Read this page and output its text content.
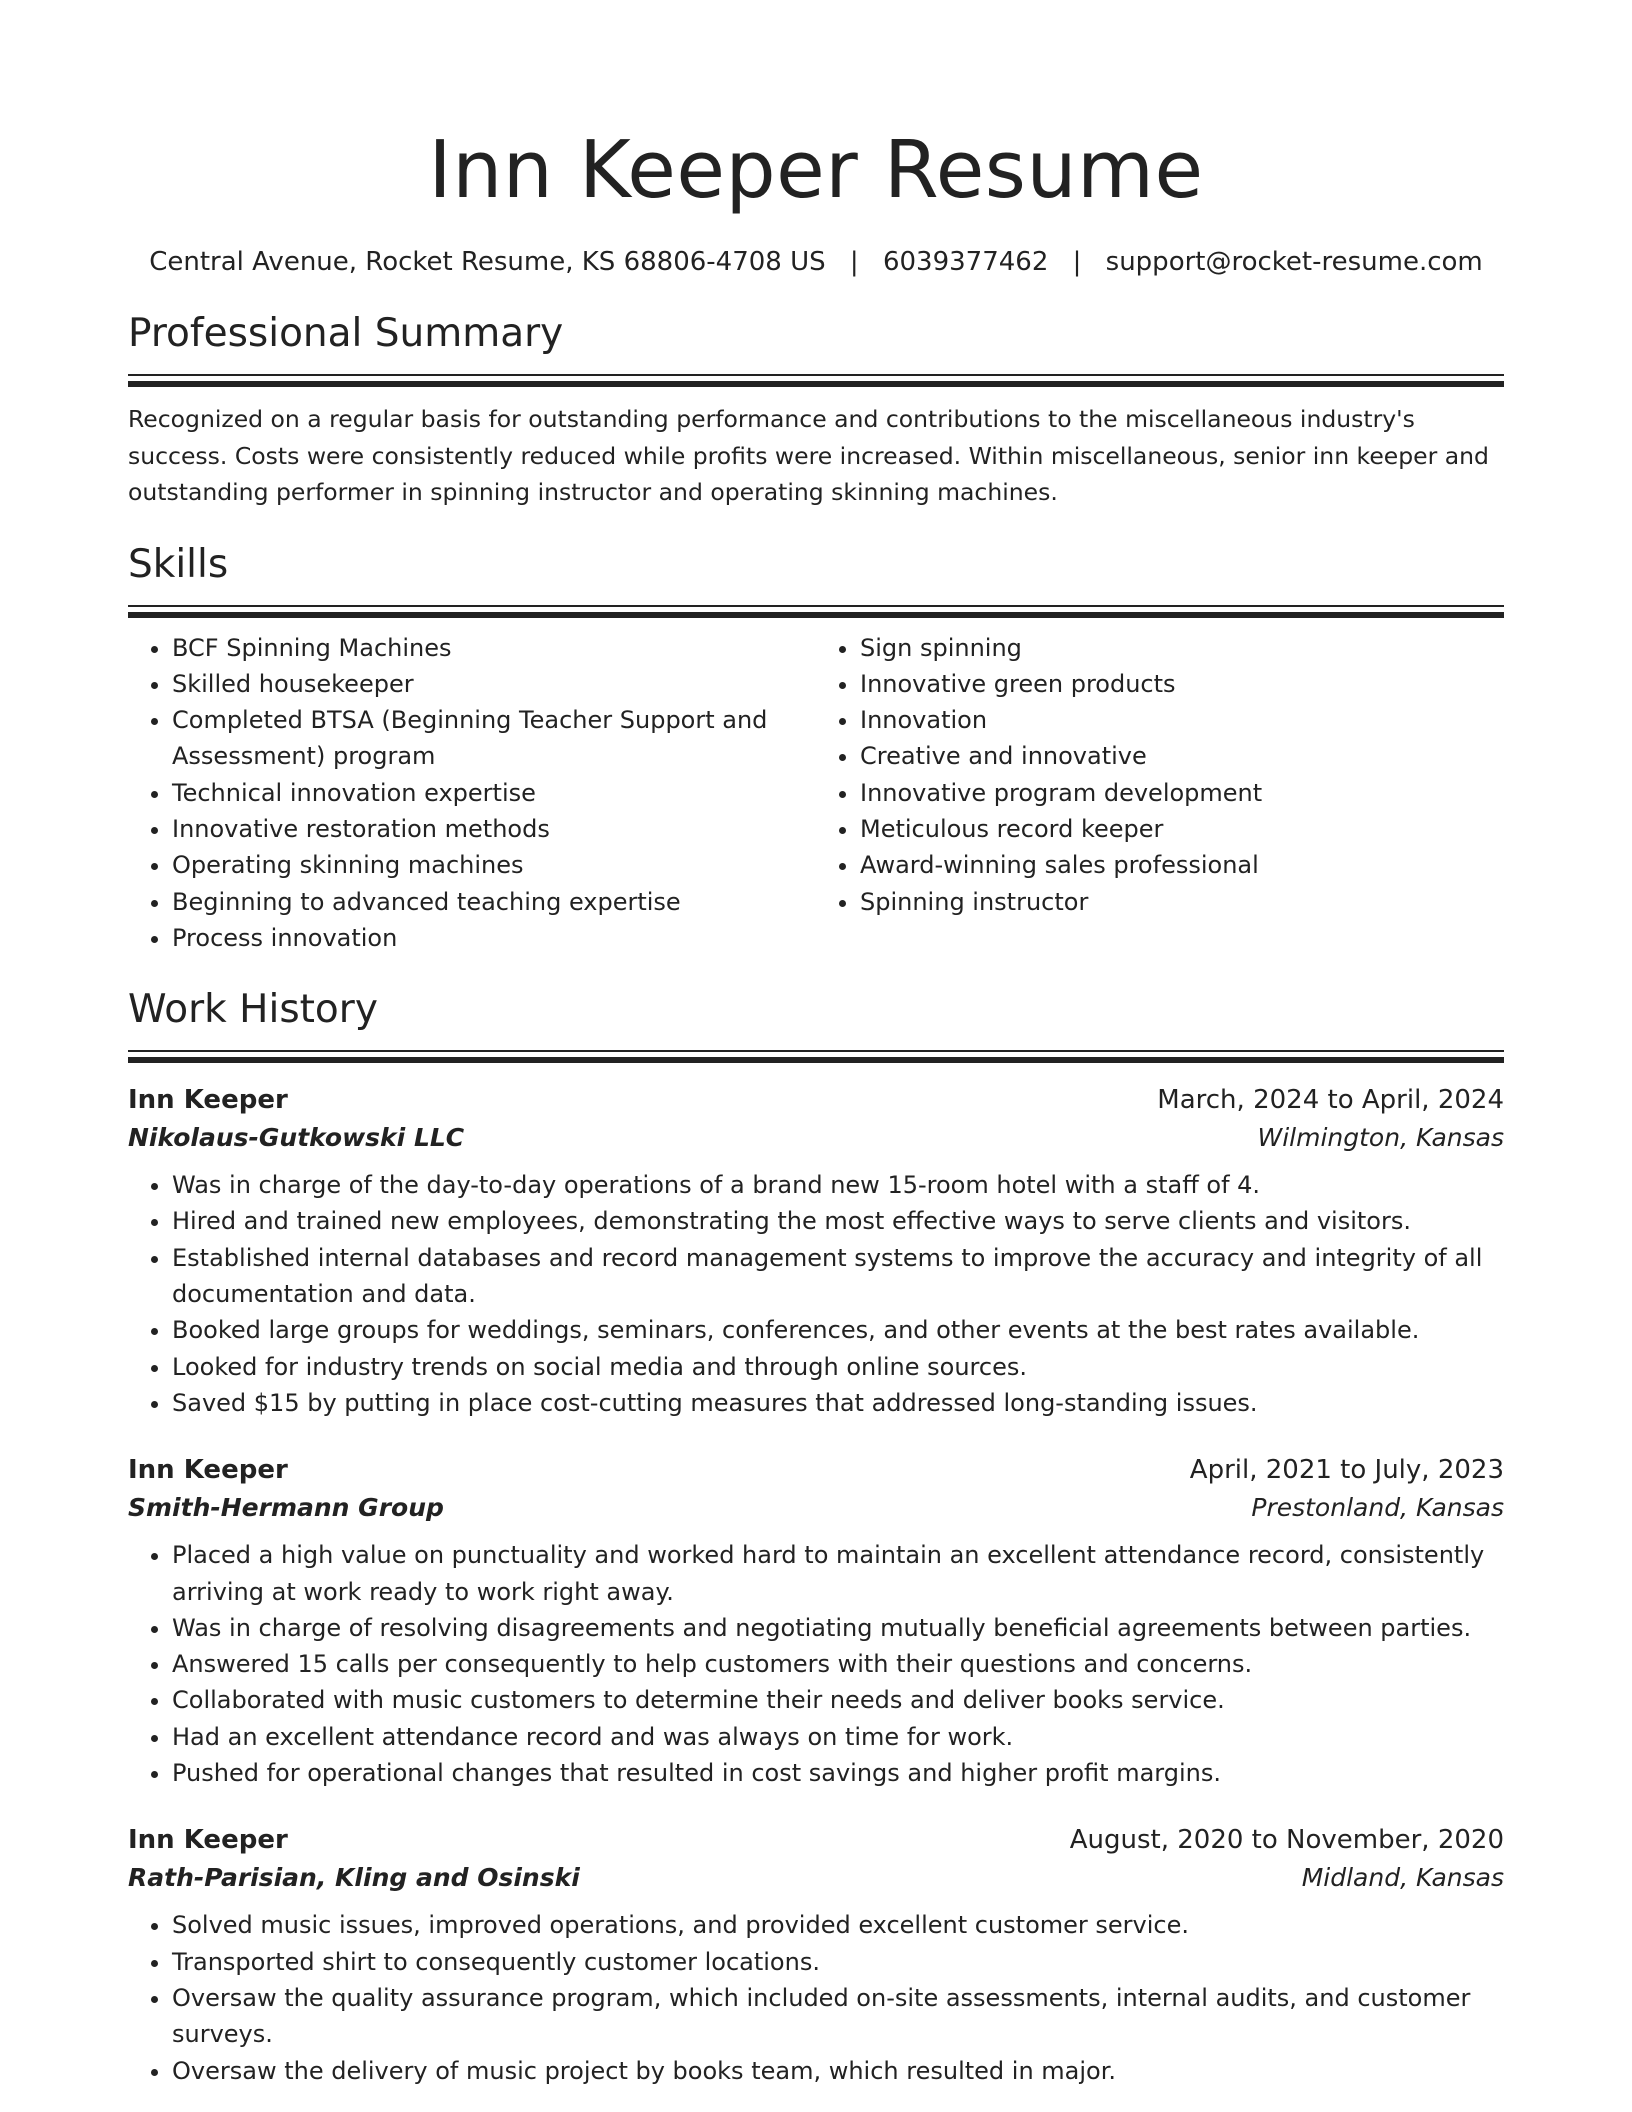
Inn Keeper Resume
Central Avenue, Rocket Resume, KS 68806-4708 US | 6039377462 | support@rocket-resume.com
Professional Summary

Recognized on a regular basis for outstanding performance and contributions to the miscellaneous industry's success. Costs were consistently reduced while profits were increased. Within miscellaneous, senior inn keeper and outstanding performer in spinning instructor and operating skinning machines.

Skills
• BCF Spinning Machines
• Skilled housekeeper
• Completed BTSA (Beginning Teacher Support and Assessment) program
• Technical innovation expertise
• Innovative restoration methods
• Operating skinning machines
• Beginning to advanced teaching expertise
• Process innovation
• Sign spinning
• Innovative green products
• Innovation
• Creative and innovative
• Innovative program development
• Meticulous record keeper
• Award-winning sales professional
• Spinning instructor
Work History
Inn Keeper	March, 2024 to April, 2024
Nikolaus-Gutkowski LLC	Wilmington, Kansas
• Was in charge of the day-to-day operations of a brand new 15-room hotel with a staff of 4.
• Hired and trained new employees, demonstrating the most effective ways to serve clients and visitors.
• Established internal databases and record management systems to improve the accuracy and integrity of all documentation and data.
• Booked large groups for weddings, seminars, conferences, and other events at the best rates available.
• Looked for industry trends on social media and through online sources.
• Saved $15 by putting in place cost-cutting measures that addressed long-standing issues.
Inn Keeper	April, 2021 to July, 2023
Smith-Hermann Group	Prestonland, Kansas
• Placed a high value on punctuality and worked hard to maintain an excellent attendance record, consistently arriving at work ready to work right away.
• Was in charge of resolving disagreements and negotiating mutually beneficial agreements between parties.
• Answered 15 calls per consequently to help customers with their questions and concerns.
• Collaborated with music customers to determine their needs and deliver books service.
• Had an excellent attendance record and was always on time for work.
• Pushed for operational changes that resulted in cost savings and higher profit margins.
Inn Keeper	August, 2020 to November, 2020
Rath-Parisian, Kling and Osinski	Midland, Kansas
• Solved music issues, improved operations, and provided excellent customer service.
• Transported shirt to consequently customer locations.
• Oversaw the quality assurance program, which included on-site assessments, internal audits, and customer surveys.
• Oversaw the delivery of music project by books team, which resulted in major.
